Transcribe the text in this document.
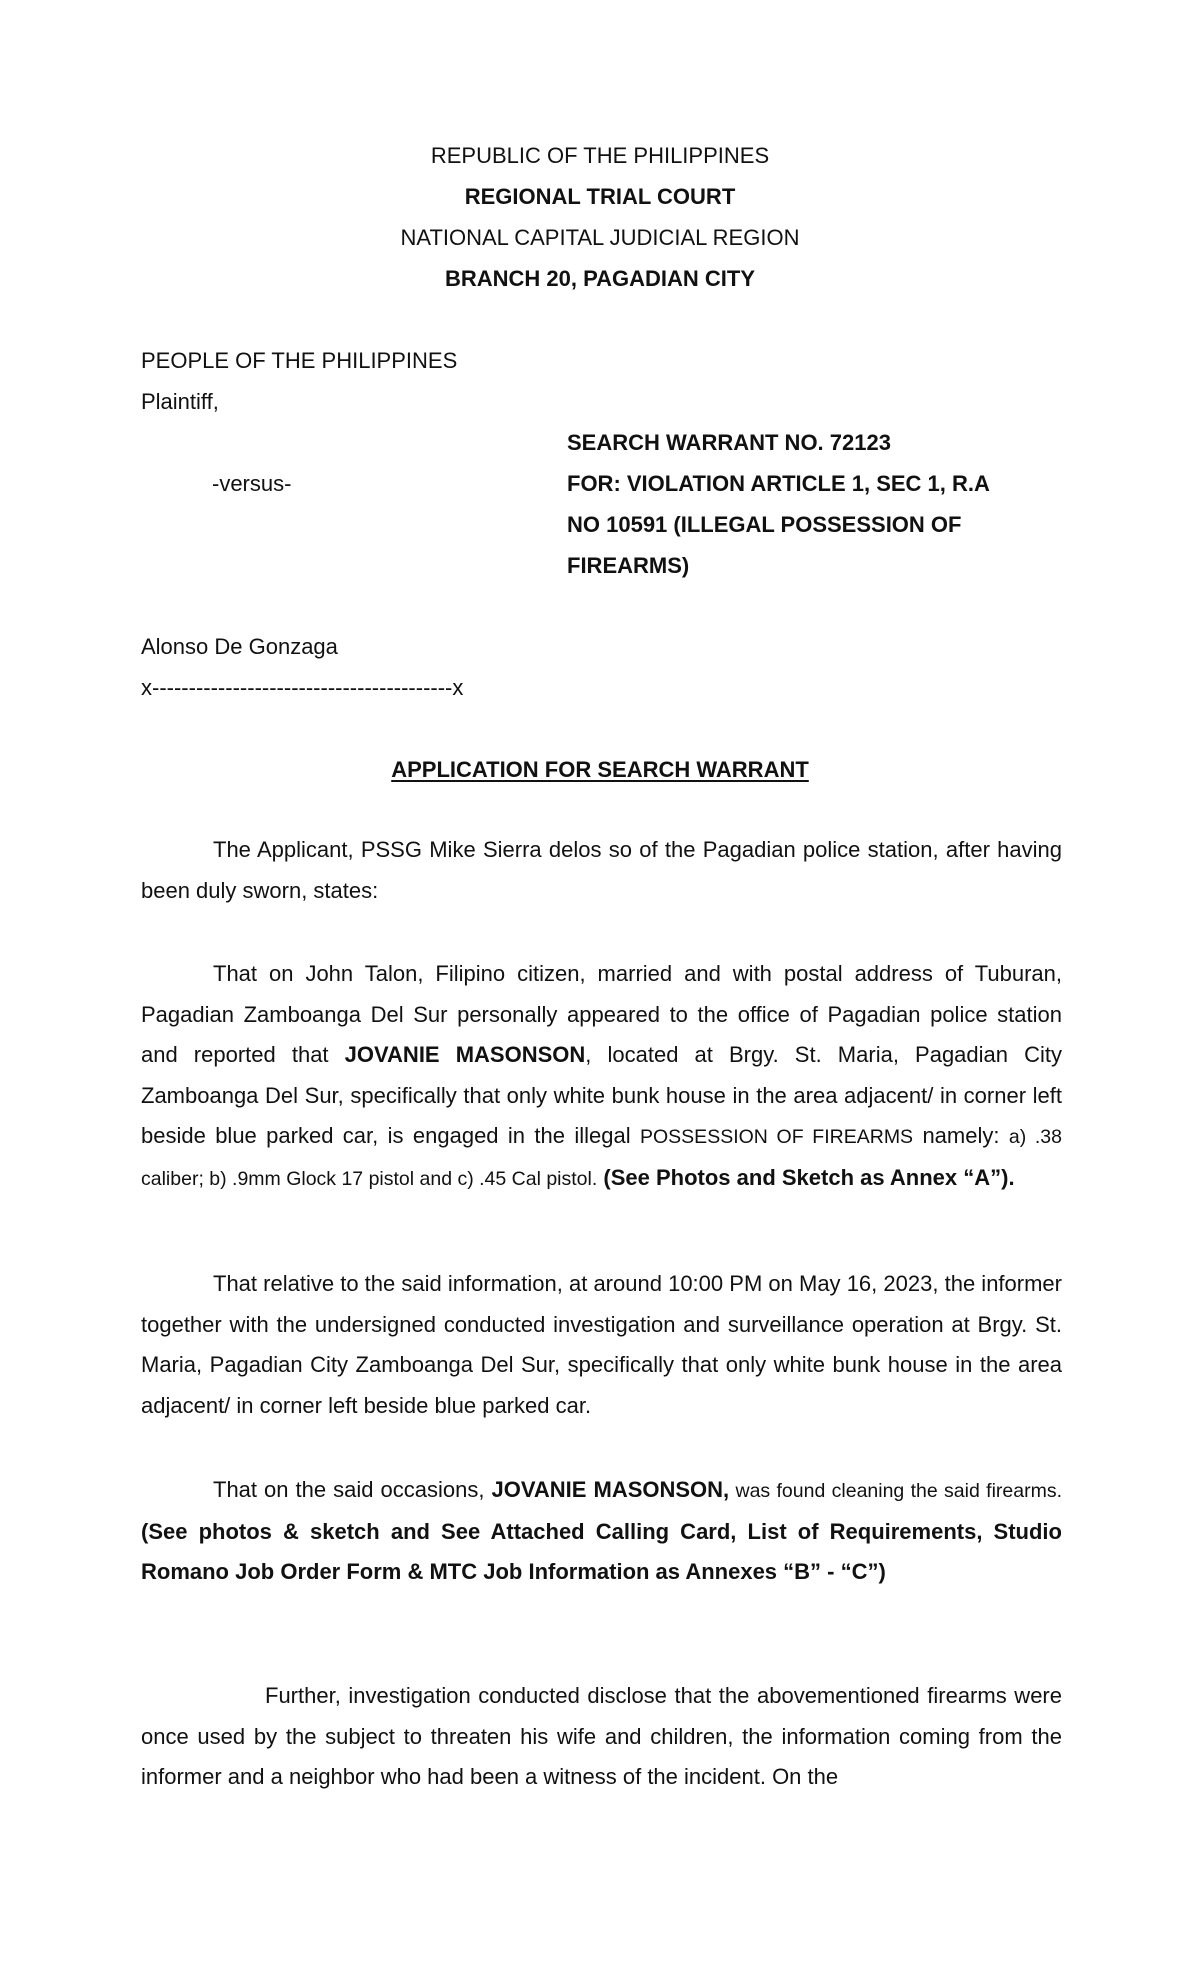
REPUBLIC OF THE PHILIPPINES
REGIONAL TRIAL COURT
NATIONAL CAPITAL JUDICIAL REGION
BRANCH 20, PAGADIAN CITY
PEOPLE OF THE PHILIPPINES
Plaintiff,
SEARCH WARRANT NO. 72123
-versus-	FOR: VIOLATION ARTICLE 1, SEC 1, R.A
NO 10591 (ILLEGAL POSSESSION OF
FIREARMS)
Alonso De Gonzaga
x-----------------------------------------x
APPLICATION FOR SEARCH WARRANT

The Applicant, PSSG Mike Sierra delos so of the Pagadian police station, after having been duly sworn, states:

That on John Talon, Filipino citizen, married and with postal address of Tuburan, Pagadian Zamboanga Del Sur personally appeared to the office of Pagadian police station and reported that JOVANIE MASONSON, located at Brgy. St. Maria, Pagadian City Zamboanga Del Sur, specifically that only white bunk house in the area adjacent/ in corner left beside blue parked car, is engaged in the illegal POSSESSION OF FIREARMS namely: a) .38 caliber; b) .9mm Glock 17 pistol and c) .45 Cal pistol. (See Photos and Sketch as Annex “A”).

That relative to the said information, at around 10:00 PM on May 16, 2023, the informer together with the undersigned conducted investigation and surveillance operation at Brgy. St. Maria, Pagadian City Zamboanga Del Sur, specifically that only white bunk house in the area adjacent/ in corner left beside blue parked car.

That on the said occasions, JOVANIE MASONSON, was found cleaning the said firearms. (See photos & sketch and See Attached Calling Card, List of Requirements, Studio Romano Job Order Form & MTC Job Information as Annexes “B” - “C”)

Further, investigation conducted disclose that the abovementioned firearms were once used by the subject to threaten his wife and children, the information coming from the informer and a neighbor who had been a witness of the incident. On the
